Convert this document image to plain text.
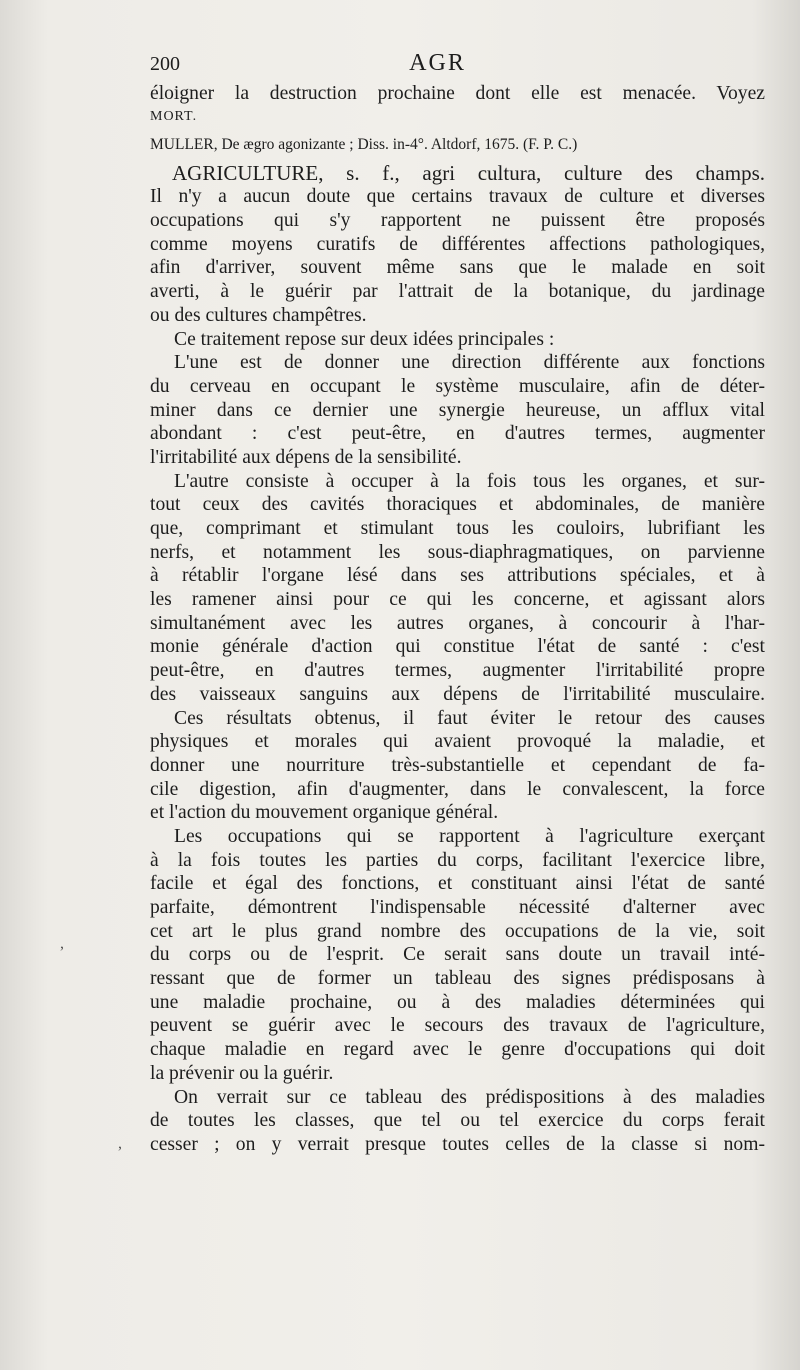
200	AGR
éloigner la destruction prochaine dont elle est menacée. Voyez
MORT.
MULLER, De ægro agonizante ; Diss. in-4°. Altdorf, 1675. (F. P. C.)
AGRICULTURE, s. f., agri cultura, culture des champs.
Il n'y a aucun doute que certains travaux de culture et diverses
occupations qui s'y rapportent ne puissent être proposés
comme moyens curatifs de différentes affections pathologiques,
afin d'arriver, souvent même sans que le malade en soit
averti, à le guérir par l'attrait de la botanique, du jardinage
ou des cultures champêtres.
Ce traitement repose sur deux idées principales :
L'une est de donner une direction différente aux fonctions
du cerveau en occupant le système musculaire, afin de déter-
miner dans ce dernier une synergie heureuse, un afflux vital
abondant : c'est peut-être, en d'autres termes, augmenter
l'irritabilité aux dépens de la sensibilité.
L'autre consiste à occuper à la fois tous les organes, et sur-
tout ceux des cavités thoraciques et abdominales, de manière
que, comprimant et stimulant tous les couloirs, lubrifiant les
nerfs, et notamment les sous-diaphragmatiques, on parvienne
à rétablir l'organe lésé dans ses attributions spéciales, et à
les ramener ainsi pour ce qui les concerne, et agissant alors
simultanément avec les autres organes, à concourir à l'har-
monie générale d'action qui constitue l'état de santé : c'est
peut-être, en d'autres termes, augmenter l'irritabilité propre
des vaisseaux sanguins aux dépens de l'irritabilité musculaire.
Ces résultats obtenus, il faut éviter le retour des causes
physiques et morales qui avaient provoqué la maladie, et
donner une nourriture très-substantielle et cependant de fa-
cile digestion, afin d'augmenter, dans le convalescent, la force
et l'action du mouvement organique général.
Les occupations qui se rapportent à l'agriculture exerçant
à la fois toutes les parties du corps, facilitant l'exercice libre,
facile et égal des fonctions, et constituant ainsi l'état de santé
parfaite, démontrent l'indispensable nécessité d'alterner avec
cet art le plus grand nombre des occupations de la vie, soit
du corps ou de l'esprit. Ce serait sans doute un travail inté-
ressant que de former un tableau des signes prédisposans à
une maladie prochaine, ou à des maladies déterminées qui
peuvent se guérir avec le secours des travaux de l'agriculture,
chaque maladie en regard avec le genre d'occupations qui doit
la prévenir ou la guérir.
On verrait sur ce tableau des prédispositions à des maladies
de toutes les classes, que tel ou tel exercice du corps ferait
cesser ; on y verrait presque toutes celles de la classe si nom-
,
,
